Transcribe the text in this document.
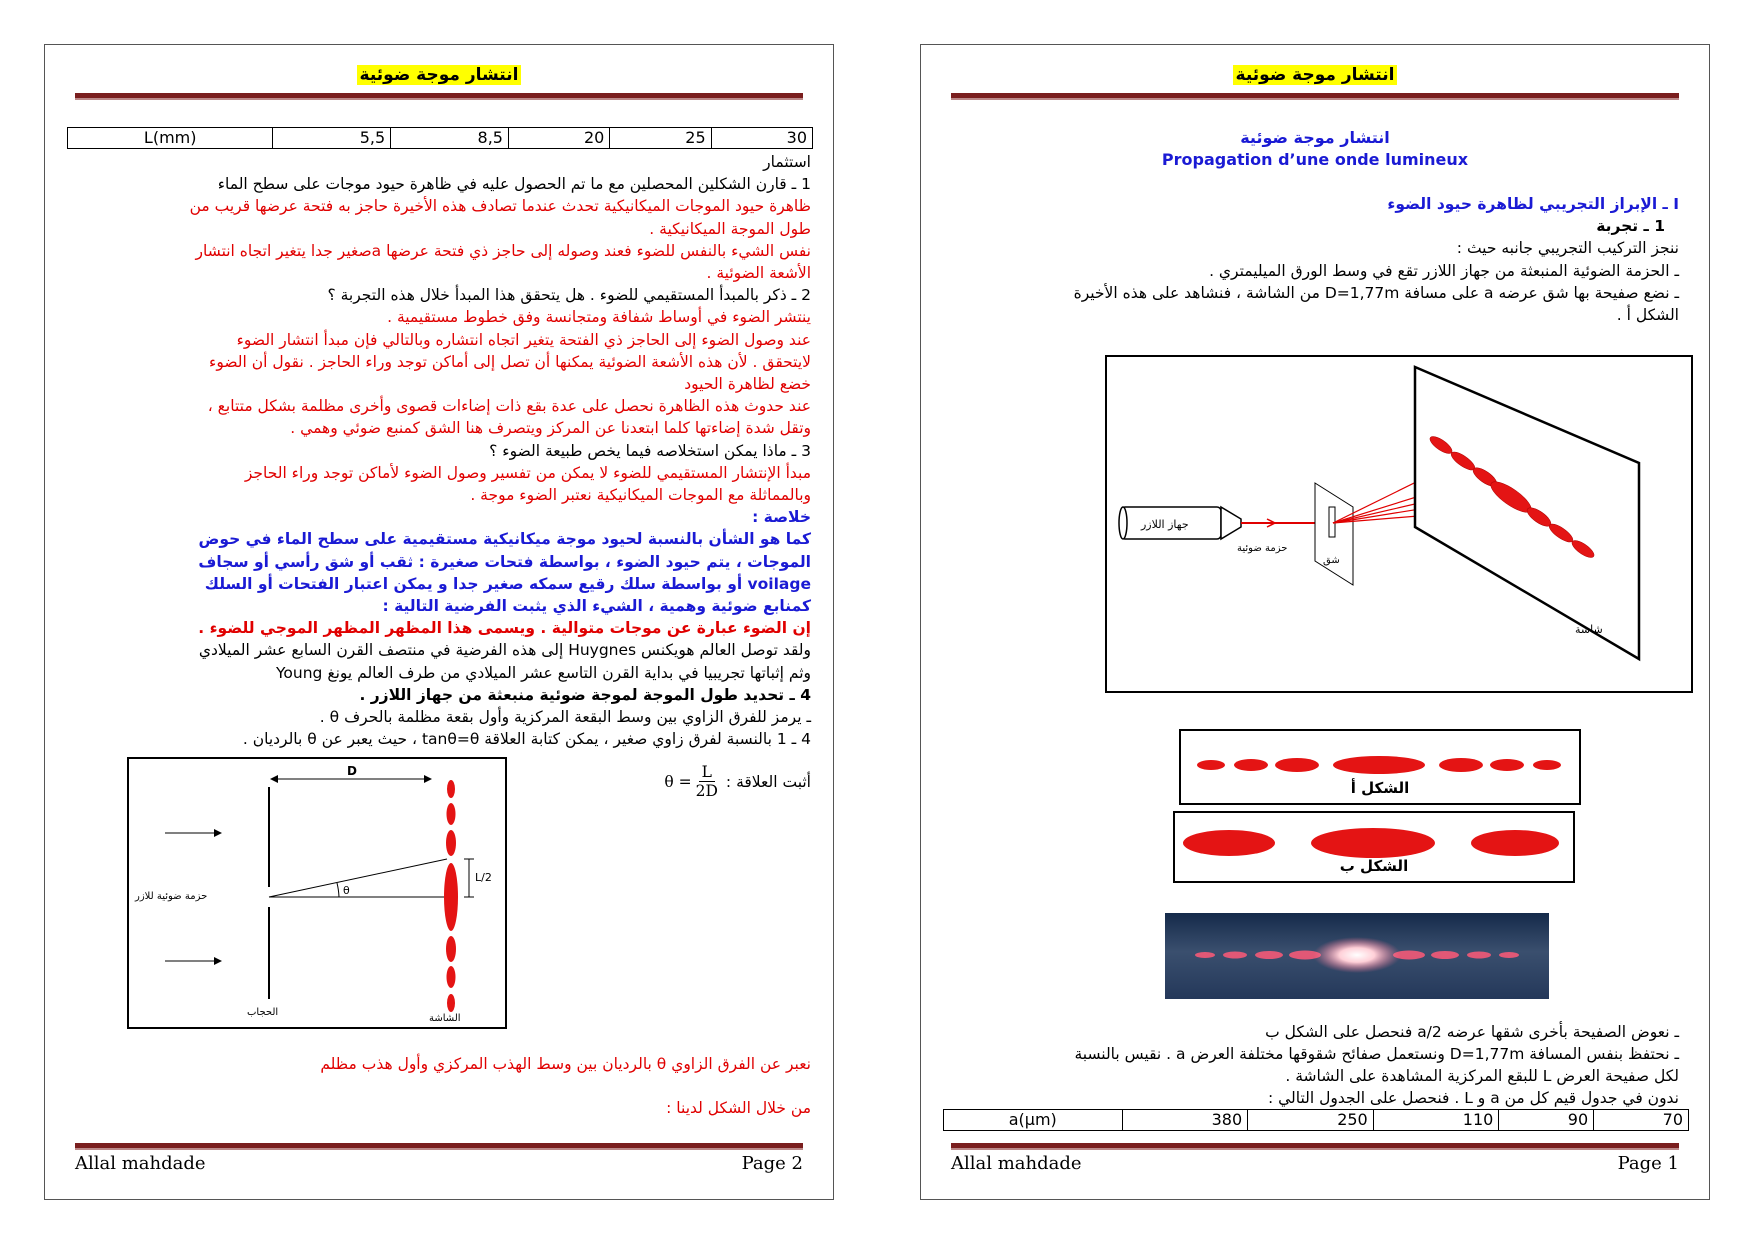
انتشار موجة ضوئية
L(mm)	5,5	8,5	20	25	30

استثمار

1 ـ قارن الشكلين المحصلين مع ما تم الحصول عليه في ظاهرة حيود موجات على سطح الماء

ظاهرة حيود الموجات الميكانيكية تحدث عندما تصادف هذه الأخيرة حاجز به فتحة عرضها قريب من

طول الموجة الميكانيكية .

نفس الشيء بالنفس للضوء فعند وصوله إلى حاجز ذي فتحة عرضها aصغير جدا يتغير اتجاه انتشار

الأشعة الضوئية .

2 ـ ذكر بالمبدأ المستقيمي للضوء . هل يتحقق هذا المبدأ خلال هذه التجربة ؟

ينتشر الضوء في أوساط شفافة ومتجانسة وفق خطوط مستقيمية .

عند وصول الضوء إلى الحاجز ذي الفتحة يتغير اتجاه انتشاره وبالتالي فإن مبدأ انتشار الضوء

لايتحقق . لأن هذه الأشعة الضوئية يمكنها أن تصل إلى أماكن توجد وراء الحاجز . نقول أن الضوء

خضع لظاهرة الحيود

عند حدوث هذه الظاهرة نحصل على عدة بقع ذات إضاءات قصوى وأخرى مظلمة بشكل متتابع ،

وتقل شدة إضاءتها كلما ابتعدنا عن المركز ويتصرف هنا الشق كمنبع ضوئي وهمي .

3 ـ ماذا يمكن استخلاصه فيما يخص طبيعة الضوء ؟

مبدأ الإنتشار المستقيمي للضوء لا يمكن من تفسير وصول الضوء لأماكن توجد وراء الحاجز

وبالمماثلة مع الموجات الميكانيكية نعتبر الضوء موجة .

خلاصة :

كما هو الشأن بالنسبة لحيود موجة ميكانيكية مستقيمية على سطح الماء في حوض

الموجات ، يتم حيود الضوء ، بواسطة فتحات صغيرة : ثقب أو شق رأسي أو سجاف

voilage أو بواسطة سلك رقيع سمكه صغير جدا و يمكن اعتبار الفتحات أو السلك

كمنابع ضوئية وهمية ، الشيء الذي يثبت الفرضية التالية :

إن الضوء عبارة عن موجات متوالية . ويسمى هذا المظهر المظهر الموجي للضوء .

ولقد توصل العالم هويكنس Huygnes إلى هذه الفرضية في منتصف القرن السابع عشر الميلادي

وثم إثباتها تجريبيا في بداية القرن التاسع عشر الميلادي من طرف العالم يونغ Young

4 ـ تحديد طول الموجة لموجة ضوئية منبعثة من جهاز اللازر .

ـ يرمز للفرق الزاوي بين وسط البقعة المركزية وأول بقعة مظلمة بالحرف θ .

4 ـ 1 بالنسبة لفرق زاوي صغير ، يمكن كتابة العلاقة tanθ=θ ، حيث يعبر عن θ بالرديان .

أثبت العلاقة :
$\theta = \frac{L}{2D}$
D
حزمة ضوئية للازر	θ
L/2
الحجاب
الشاشة

نعبر عن الفرق الزاوي θ بالرديان بين وسط الهذب المركزي وأول هذب مظلم

من خلال الشكل لدينا :

Allal mahdade	Page 2
انتشار موجة ضوئية
انتشار موجة ضوئية
Propagation d’une onde lumineux

I ـ الإبراز التجريبي لظاهرة حيود الضوء

1 ـ تجربة

ننجز التركيب التجريبي جانبه حيث :

ـ الحزمة الضوئية المنبعثة من جهاز اللازر تقع في وسط الورق الميليمتري .

ـ نضع صفيحة بها شق عرضه a على مسافة D=1,77m من الشاشة ، فنشاهد على هذه الأخيرة

الشكل أ .

جهاز اللازر
حزمة ضوئية
شق
شاشة
الشكل أ
الشكل ب

ـ نعوض الصفيحة بأخرى شقها عرضه a/2 فنحصل على الشكل ب

ـ نحتفظ بنفس المسافة D=1,77m ونستعمل صفائح شقوقها مختلفة العرض a . نقيس بالنسبة

لكل صفيحة العرض L للبقع المركزية المشاهدة على الشاشة .

ندون في جدول قيم كل من a و L . فنحصل على الجدول التالي :

a(μm)	380	250	110	90	70
Allal mahdade	Page 1
